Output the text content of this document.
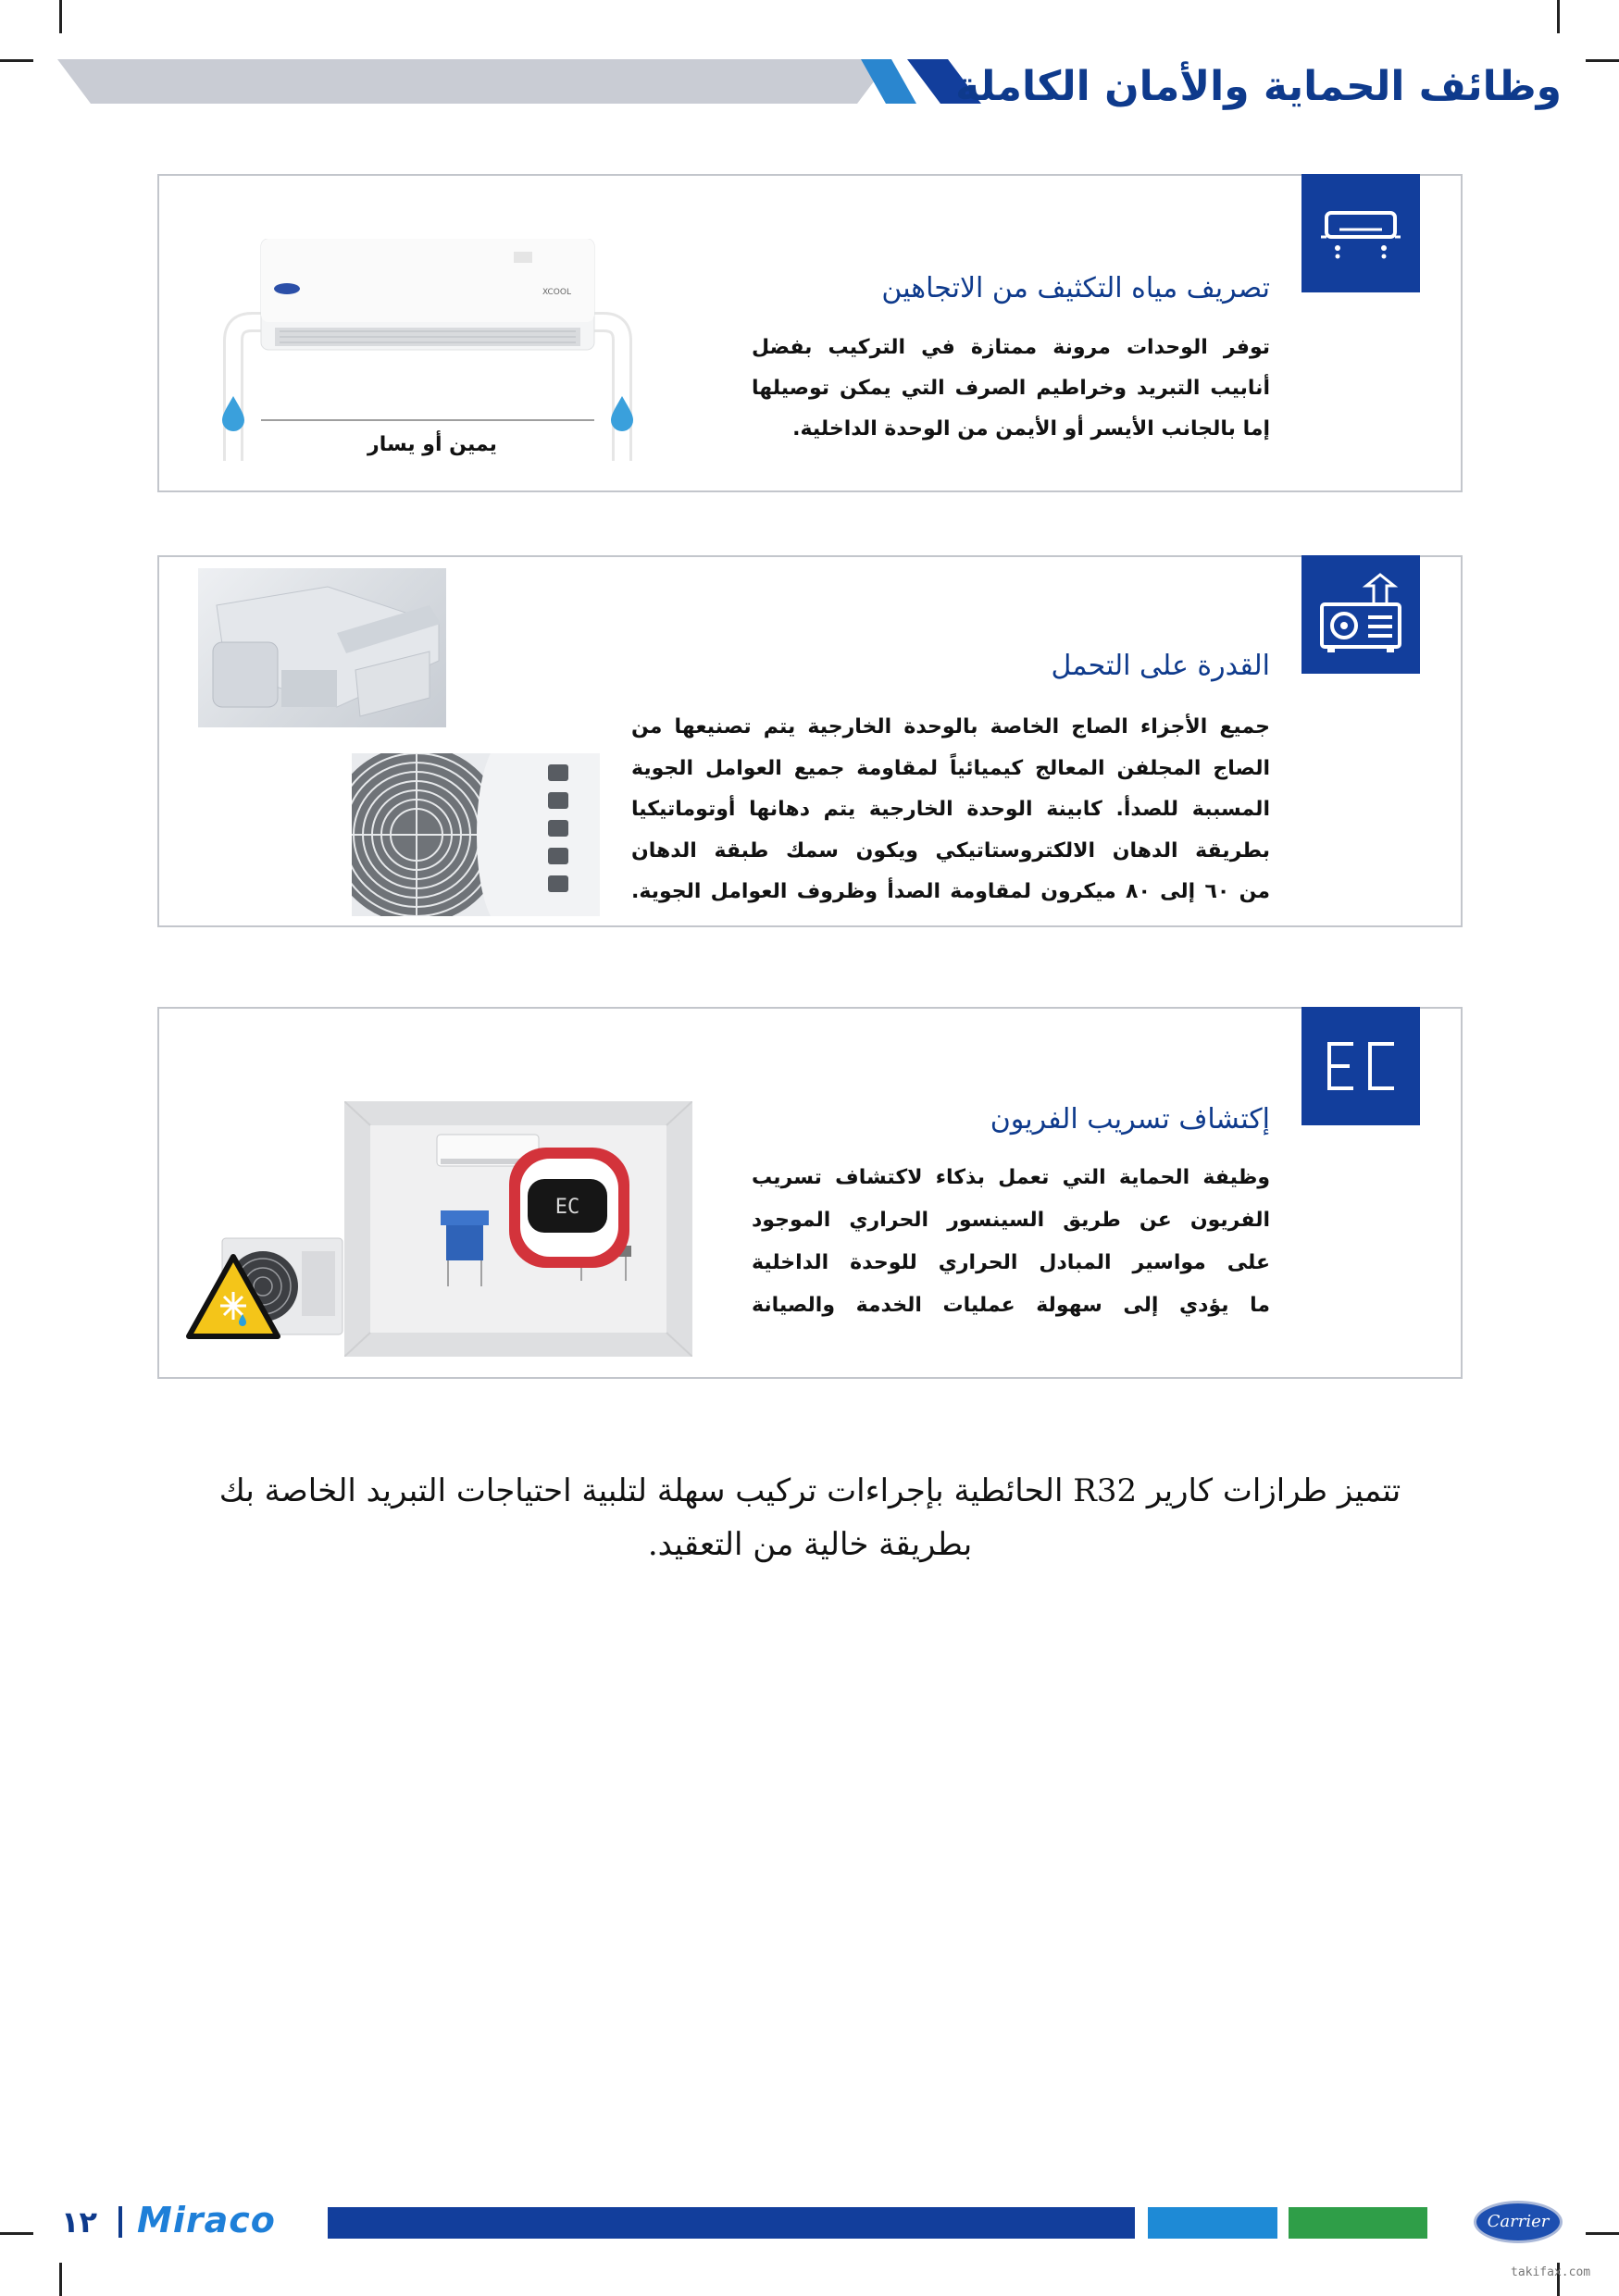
وظائف الحماية والأمان الكاملة
تصريف مياه التكثيف من الاتجاهين

توفر الوحدات مرونة ممتازة في التركيب بفضل
أنابيب التبريد وخراطيم الصرف التي يمكن توصيلها
إما بالجانب الأيسر أو الأيمن من الوحدة الداخلية.

XCOOL
يمين أو يسار
القدرة على التحمل

جميع الأجزاء الصاج الخاصة بالوحدة الخارجية يتم تصنيعها من
الصاج المجلفن المعالج كيميائياً لمقاومة جميع العوامل الجوية
المسببة للصدأ. كابينة الوحدة الخارجية يتم دهانها أوتوماتيكيا
بطريقة الدهان الالكتروستاتيكي ويكون سمك طبقة الدهان
من ٦٠ إلى ٨٠ ميكرون لمقاومة الصدأ وظروف العوامل الجوية.

إكتشاف تسريب الفريون

وظيفة الحماية التي تعمل بذكاء لاكتشاف تسريب
الفريون عن طريق السينسور الحراري الموجود
على مواسير المبادل الحراري للوحدة الداخلية
ما يؤدي إلى سهولة عمليات الخدمة والصيانة

EC

تتميز طرازات كارير R32 الحائطية بإجراءات تركيب سهلة لتلبية احتياجات التبريد الخاصة بك بطريقة خالية من التعقيد.

١٢ Miraco	Carrier
takifax.com
